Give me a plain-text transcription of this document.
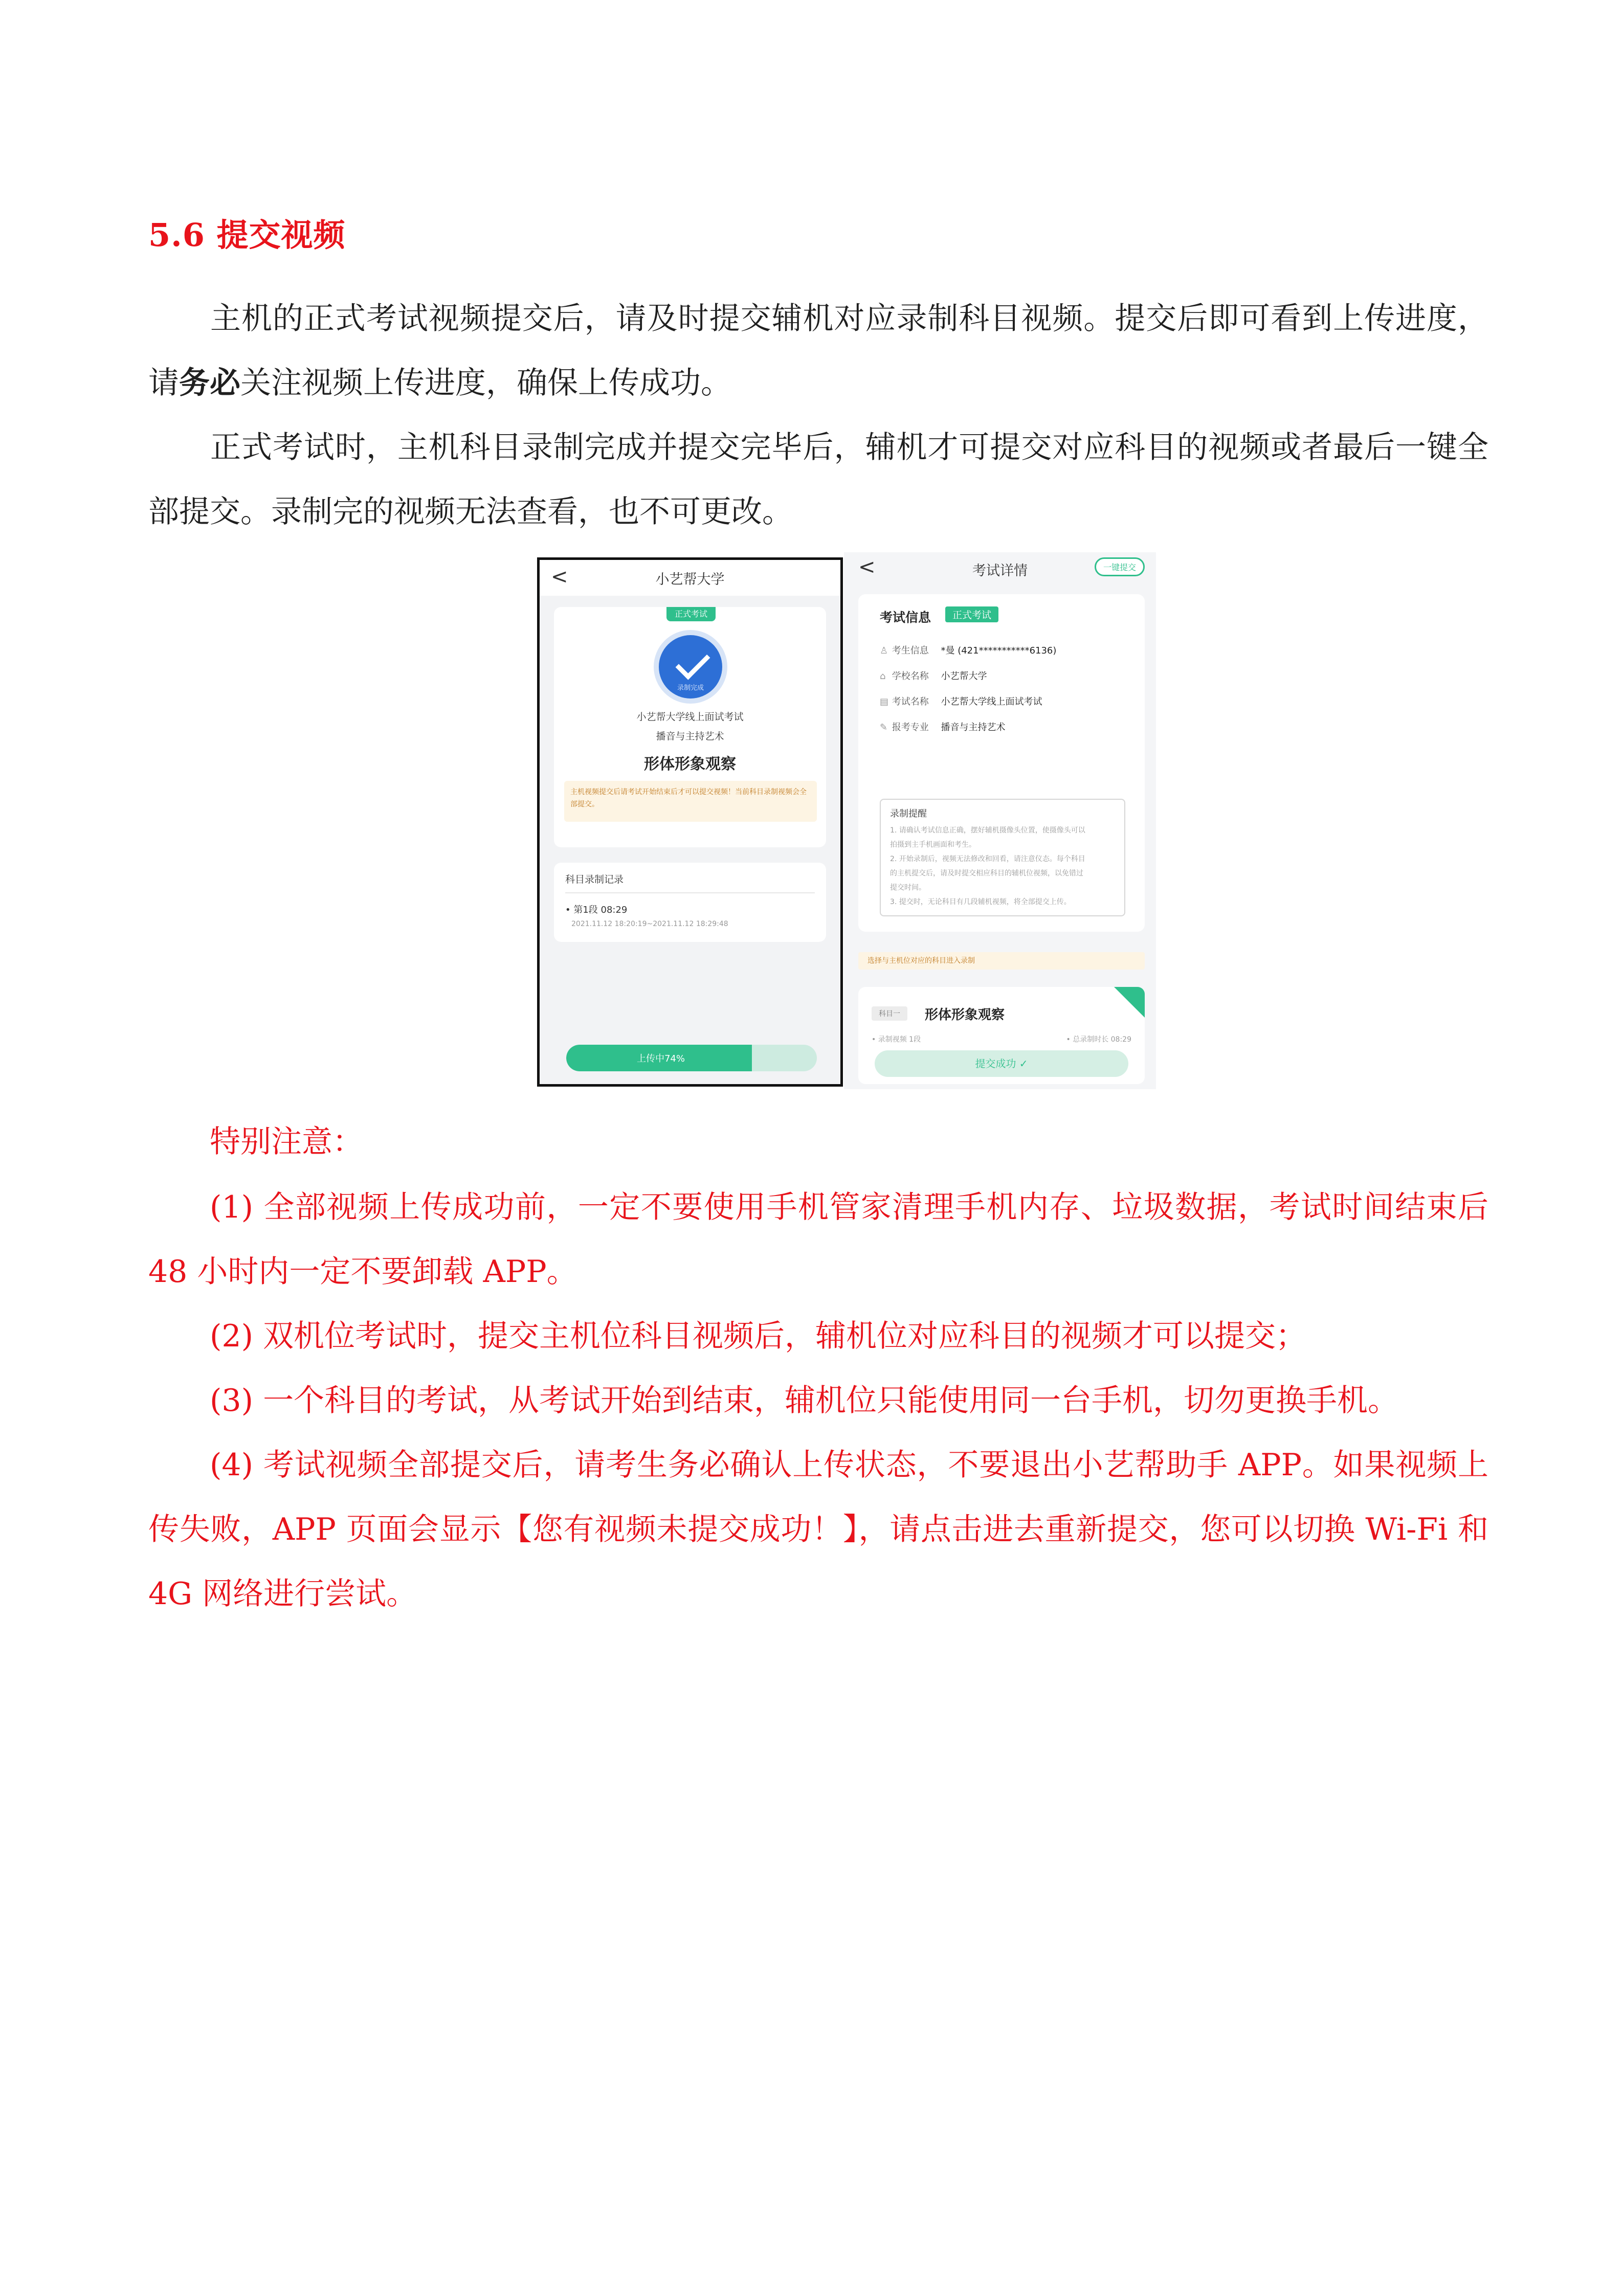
5.6 提交视频
主机的正式考试视频提交后，请及时提交辅机对应录制科目视频。提交后即可看到上传进度，请务必关注视频上传进度，确保上传成功。
正式考试时，主机科目录制完成并提交完毕后，辅机才可提交对应科目的视频或者最后一键全部提交。录制完的视频无法查看，也不可更改。
<	小艺帮大学
正式考试
录制完成
小艺帮大学线上面试考试
播音与主持艺术
形体形象观察
主机视频提交后请考试开始结束后才可以提交视频！当前科目录制视频会全部提交。
科目录制记录
• 第1段 08:29
2021.11.12 18:20:19~2021.11.12 18:29:48
上传中74%
<	考试详情	一键提交
考试信息	正式考试
♙ 考生信息 *曼 (421***********6136)
⌂ 学校名称 小艺帮大学
▤ 考试名称 小艺帮大学线上面试考试
✎ 报考专业 播音与主持艺术
录制提醒
1. 请确认考试信息正确，摆好辅机摄像头位置，使摄像头可以
拍摄到主手机画面和考生。
2. 开始录制后，视频无法修改和回看，请注意仪态。每个科目
的主机提交后，请及时提交相应科目的辅机位视频，以免错过
提交时间。
3. 提交时，无论科目有几段辅机视频，将全部提交上传。
选择与主机位对应的科目进入录制
科目一	形体形象观察
• 录制视频 1段	• 总录制时长 08:29
提交成功 ✓
特别注意：
(1) 全部视频上传成功前，一定不要使用手机管家清理手机内存、垃圾数据，考试时间结束后 48 小时内一定不要卸载 APP。
(2) 双机位考试时，提交主机位科目视频后，辅机位对应科目的视频才可以提交；
(3) 一个科目的考试，从考试开始到结束，辅机位只能使用同一台手机，切勿更换手机。
(4) 考试视频全部提交后，请考生务必确认上传状态，不要退出小艺帮助手 APP。如果视频上传失败，APP 页面会显示【您有视频未提交成功！】，请点击进去重新提交，您可以切换 Wi-Fi 和 4G 网络进行尝试。
